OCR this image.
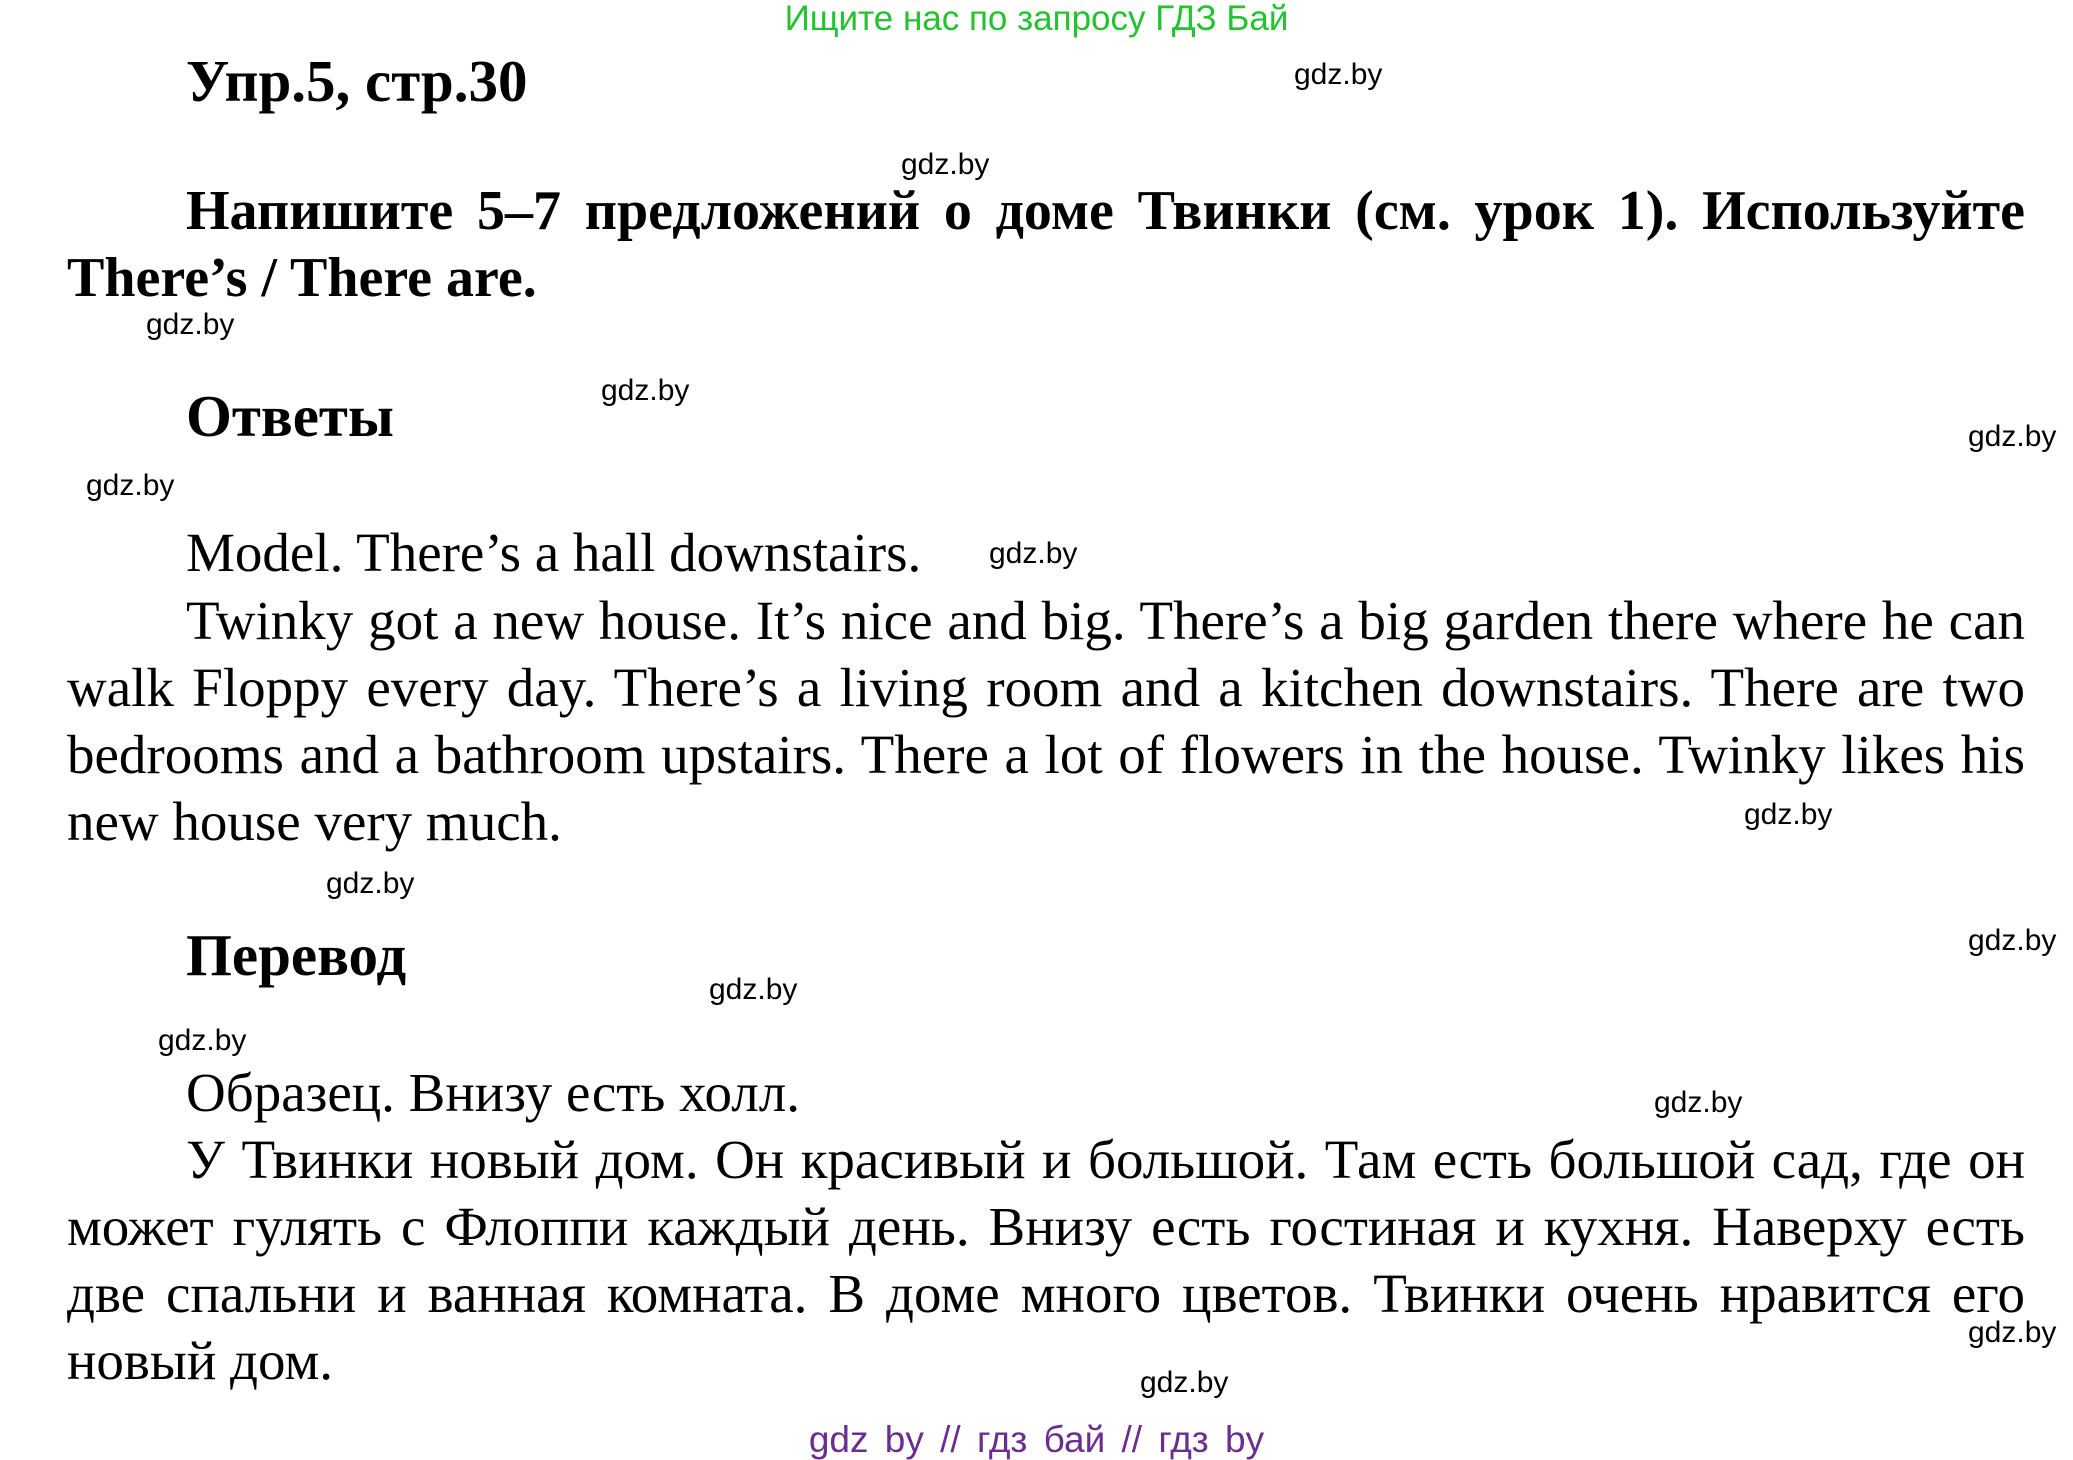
Ищите нас по запросу ГДЗ Бай
Упр.5, стр.30

Напишите 5–7 предложений о доме Твинки (см. урок 1). Используйте There’s / There are.

Ответы

Model. There’s a hall downstairs.

Twinky got a new house. It’s nice and big. There’s a big garden there where he can walk Floppy every day. There’s a living room and a kitchen downstairs. There are two bedrooms and a bathroom upstairs. There a lot of flowers in the house. Twinky likes his new house very much.

Перевод

Образец. Внизу есть холл.

У Твинки новый дом. Он красивый и большой. Там есть большой сад, где он может гулять с Флоппи каждый день. Внизу есть гостиная и кухня. Наверху есть две спальни и ванная комната. В доме много цветов. Твинки очень нравится его новый дом.

gdz.by
gdz.by
gdz.by
gdz.by
gdz.by
gdz.by
gdz.by
gdz.by
gdz.by
gdz.by
gdz.by
gdz.by
gdz.by
gdz.by
gdz.by
gdz by // гдз бай // гдз by
